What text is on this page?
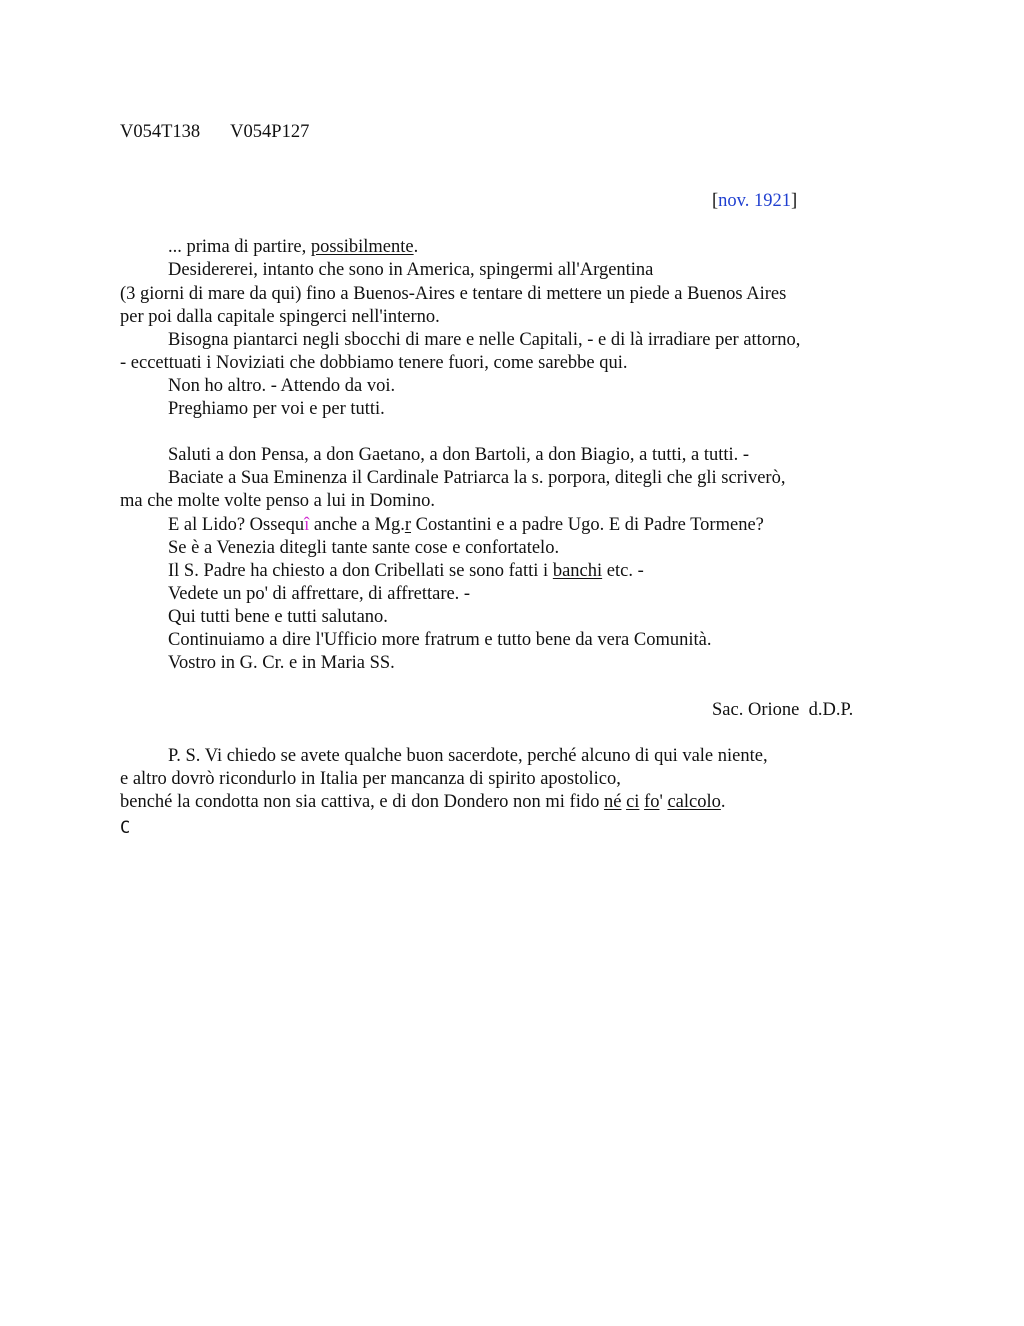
V054T138 V054P127
[nov. 1921]
... prima di partire, possibilmente.
Desidererei, intanto che sono in America, spingermi all'Argentina
(3 giorni di mare da qui) fino a Buenos-Aires e tentare di mettere un piede a Buenos Aires
per poi dalla capitale spingerci nell'interno.
Bisogna piantarci negli sbocchi di mare e nelle Capitali, - e di là irradiare per attorno,
- eccettuati i Noviziati che dobbiamo tenere fuori, come sarebbe qui.
Non ho altro. - Attendo da voi.
Preghiamo per voi e per tutti.
Saluti a don Pensa, a don Gaetano, a don Bartoli, a don Biagio, a tutti, a tutti. -
Baciate a Sua Eminenza il Cardinale Patriarca la s. porpora, ditegli che gli scriverò,
ma che molte volte penso a lui in Domino.
E al Lido? Ossequî anche a Mg.r Costantini e a padre Ugo. E di Padre Tormene?
Se è a Venezia ditegli tante sante cose e confortatelo.
Il S. Padre ha chiesto a don Cribellati se sono fatti i banchi etc. -
Vedete un po' di affrettare, di affrettare. -
Qui tutti bene e tutti salutano.
Continuiamo a dire l'Ufficio more fratrum e tutto bene da vera Comunità.
Vostro in G. Cr. e in Maria SS.
Sac. Orione  d.D.P.
P. S. Vi chiedo se avete qualche buon sacerdote, perché alcuno di qui vale niente,
e altro dovrò ricondurlo in Italia per mancanza di spirito apostolico,
benché la condotta non sia cattiva, e di don Dondero non mi fido né ci fo' calcolo.
C
